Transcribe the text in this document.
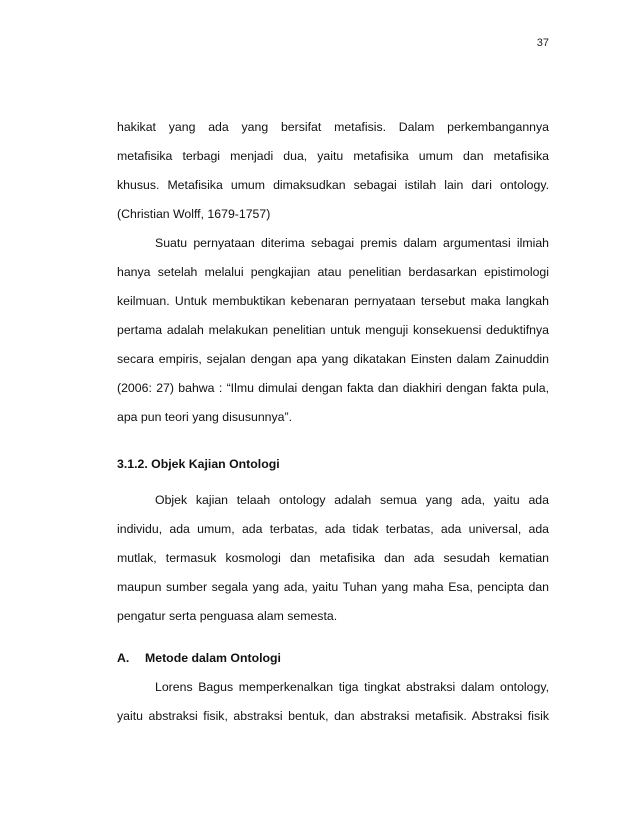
37
hakikat yang ada yang bersifat metafisis. Dalam perkembangannya
metafisika terbagi menjadi dua, yaitu metafisika umum dan metafisika
khusus. Metafisika umum dimaksudkan sebagai istilah lain dari ontology.
(Christian Wolff, 1679-1757)
Suatu pernyataan diterima sebagai premis dalam argumentasi ilmiah
hanya setelah melalui pengkajian atau penelitian berdasarkan epistimologi
keilmuan. Untuk membuktikan kebenaran pernyataan tersebut maka langkah
pertama adalah melakukan penelitian untuk menguji konsekuensi deduktifnya
secara empiris, sejalan dengan apa yang dikatakan Einsten dalam Zainuddin
(2006: 27) bahwa : “Ilmu dimulai dengan fakta dan diakhiri dengan fakta pula,
apa pun teori yang disusunnya”.
3.1.2. Objek Kajian Ontologi
Objek kajian telaah ontology adalah semua yang ada, yaitu ada
individu, ada umum, ada terbatas, ada tidak terbatas, ada universal, ada
mutlak, termasuk kosmologi dan metafisika dan ada sesudah kematian
maupun sumber segala yang ada, yaitu Tuhan yang maha Esa, pencipta dan
pengatur serta penguasa alam semesta.
A. Metode dalam Ontologi
Lorens Bagus memperkenalkan tiga tingkat abstraksi dalam ontology,
yaitu abstraksi fisik, abstraksi bentuk, dan abstraksi metafisik. Abstraksi fisik
